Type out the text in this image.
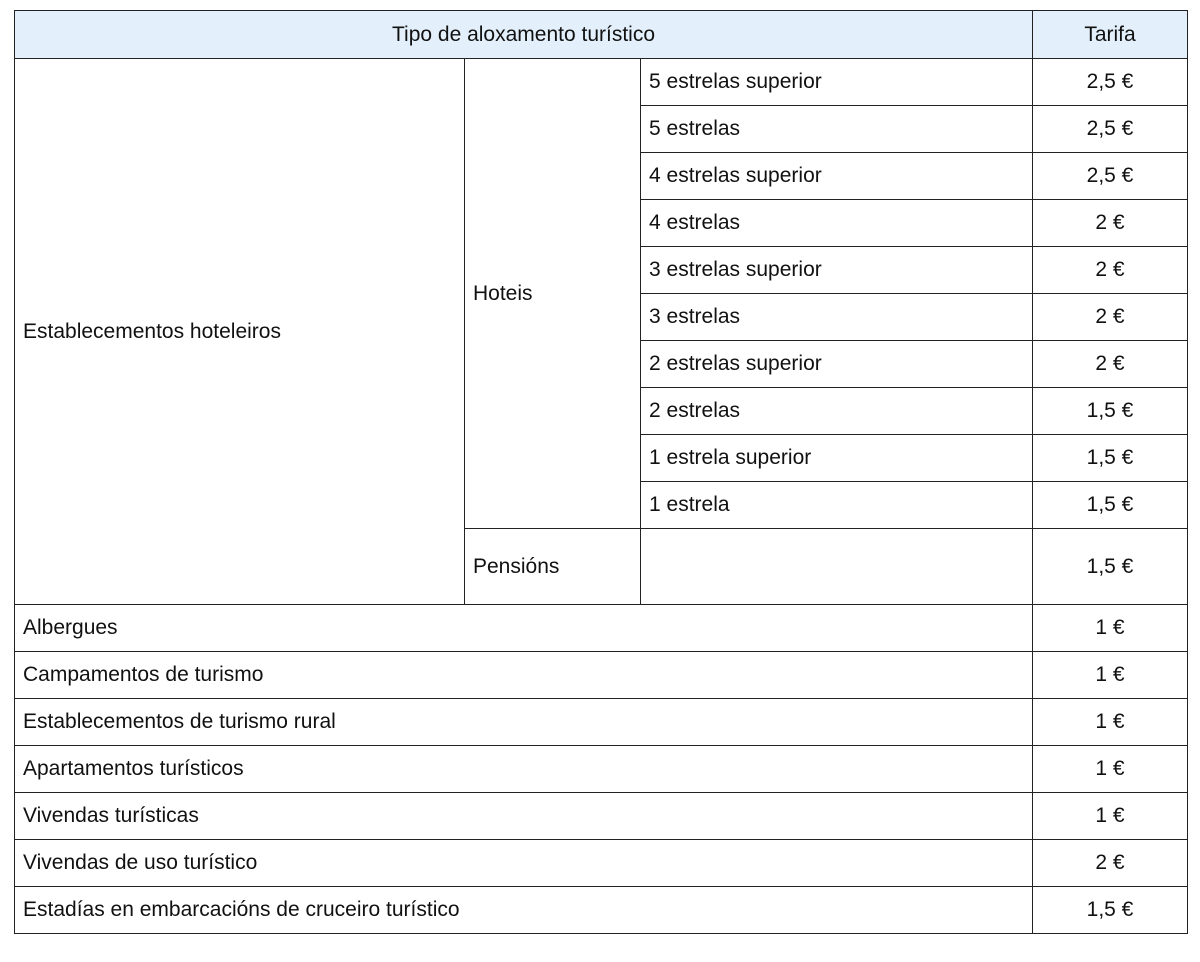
Tipo de aloxamento turístico			Tarifa
Establecementos hoteleiros	Hoteis	5 estrelas superior	2,5 €
		5 estrelas	2,5 €
		4 estrelas superior	2,5 €
		4 estrelas	2 €
		3 estrelas superior	2 €
		3 estrelas	2 €
		2 estrelas superior	2 €
		2 estrelas	1,5 €
		1 estrela superior	1,5 €
		1 estrela	1,5 €
	Pensións		1,5 €
Albergues			1 €
Campamentos de turismo			1 €
Establecementos de turismo rural			1 €
Apartamentos turísticos			1 €
Vivendas turísticas			1 €
Vivendas de uso turístico			2 €
Estadías en embarcacións de cruceiro turístico			1,5 €
